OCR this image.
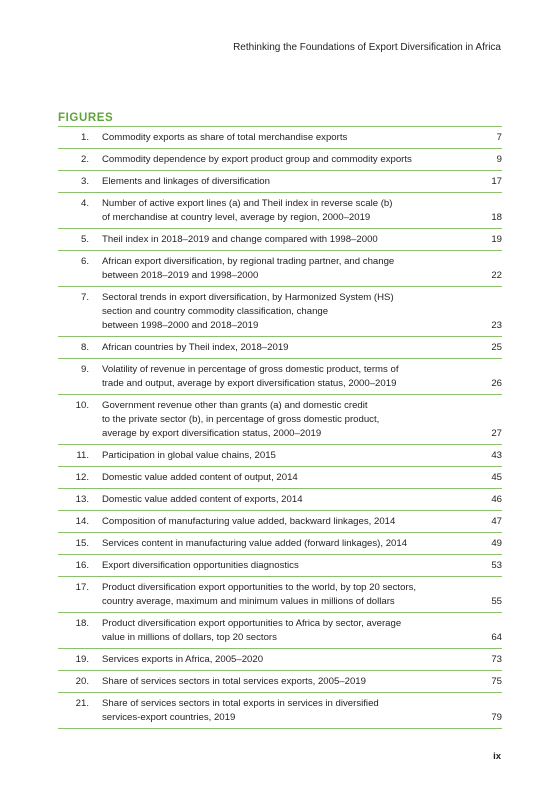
Rethinking the Foundations of Export Diversification in Africa
FIGURES
1. Commodity exports as share of total merchandise exports	7
2. Commodity dependence by export product group and commodity exports	9
3. Elements and linkages of diversification	17
4. Number of active export lines (a) and Theil index in reverse scale (b)
of merchandise at country level, average by region, 2000–2019	18
5. Theil index in 2018–2019 and change compared with 1998–2000	19
6. African export diversification, by regional trading partner, and change
between 2018–2019 and 1998–2000	22
7. Sectoral trends in export diversification, by Harmonized System (HS)
section and country commodity classification, change
between 1998–2000 and 2018–2019	23
8. African countries by Theil index, 2018–2019	25
9. Volatility of revenue in percentage of gross domestic product, terms of
trade and output, average by export diversification status, 2000–2019	26
10. Government revenue other than grants (a) and domestic credit
to the private sector (b), in percentage of gross domestic product,
average by export diversification status, 2000–2019	27
11. Participation in global value chains, 2015	43
12. Domestic value added content of output, 2014	45
13. Domestic value added content of exports, 2014	46
14. Composition of manufacturing value added, backward linkages, 2014	47
15. Services content in manufacturing value added (forward linkages), 2014	49
16. Export diversification opportunities diagnostics	53
17. Product diversification export opportunities to the world, by top 20 sectors,
country average, maximum and minimum values in millions of dollars	55
18. Product diversification export opportunities to Africa by sector, average
value in millions of dollars, top 20 sectors	64
19. Services exports in Africa, 2005–2020	73
20. Share of services sectors in total services exports, 2005–2019	75
21. Share of services sectors in total exports in services in diversified
services-export countries, 2019	79
ix
